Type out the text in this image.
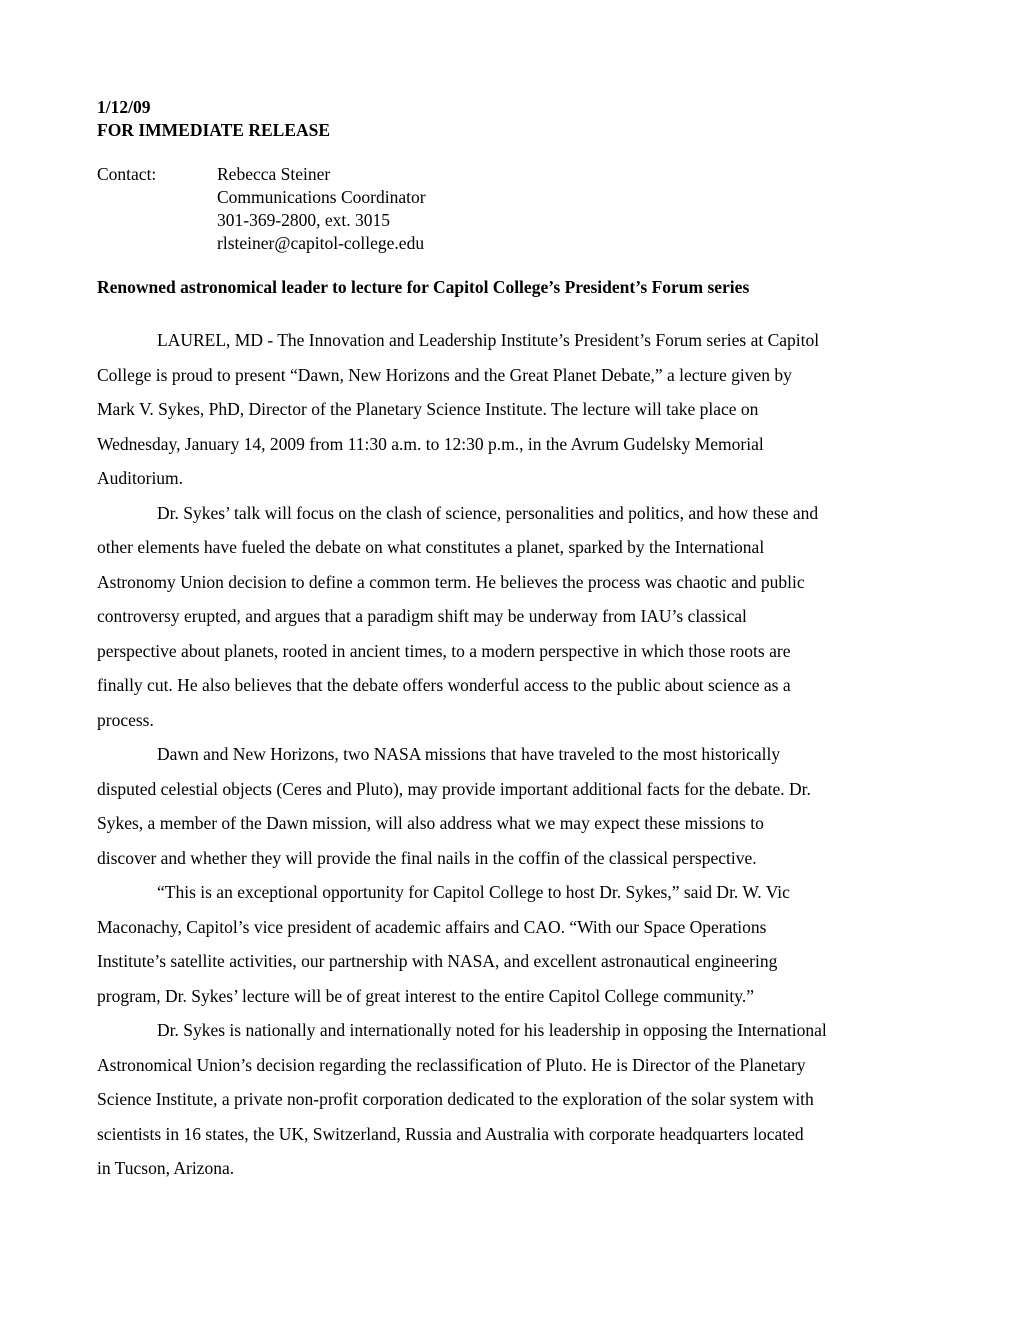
1/12/09
FOR IMMEDIATE RELEASE
Contact:	Rebecca Steiner
Communications Coordinator
301-369-2800, ext. 3015
rlsteiner@capitol-college.edu
Renowned astronomical leader to lecture for Capitol College’s President’s Forum series

LAUREL, MD - The Innovation and Leadership Institute’s President’s Forum series at Capitol
College is proud to present “Dawn, New Horizons and the Great Planet Debate,” a lecture given by
Mark V. Sykes, PhD, Director of the Planetary Science Institute. The lecture will take place on
Wednesday, January 14, 2009 from 11:30 a.m. to 12:30 p.m., in the Avrum Gudelsky Memorial
Auditorium.

Dr. Sykes’ talk will focus on the clash of science, personalities and politics, and how these and
other elements have fueled the debate on what constitutes a planet, sparked by the International
Astronomy Union decision to define a common term. He believes the process was chaotic and public
controversy erupted, and argues that a paradigm shift may be underway from IAU’s classical
perspective about planets, rooted in ancient times, to a modern perspective in which those roots are
finally cut. He also believes that the debate offers wonderful access to the public about science as a
process.

Dawn and New Horizons, two NASA missions that have traveled to the most historically
disputed celestial objects (Ceres and Pluto), may provide important additional facts for the debate. Dr.
Sykes, a member of the Dawn mission, will also address what we may expect these missions to
discover and whether they will provide the final nails in the coffin of the classical perspective.

“This is an exceptional opportunity for Capitol College to host Dr. Sykes,” said Dr. W. Vic
Maconachy, Capitol’s vice president of academic affairs and CAO. “With our Space Operations
Institute’s satellite activities, our partnership with NASA, and excellent astronautical engineering
program, Dr. Sykes’ lecture will be of great interest to the entire Capitol College community.”

Dr. Sykes is nationally and internationally noted for his leadership in opposing the International
Astronomical Union’s decision regarding the reclassification of Pluto. He is Director of the Planetary
Science Institute, a private non-profit corporation dedicated to the exploration of the solar system with
scientists in 16 states, the UK, Switzerland, Russia and Australia with corporate headquarters located
in Tucson, Arizona.
